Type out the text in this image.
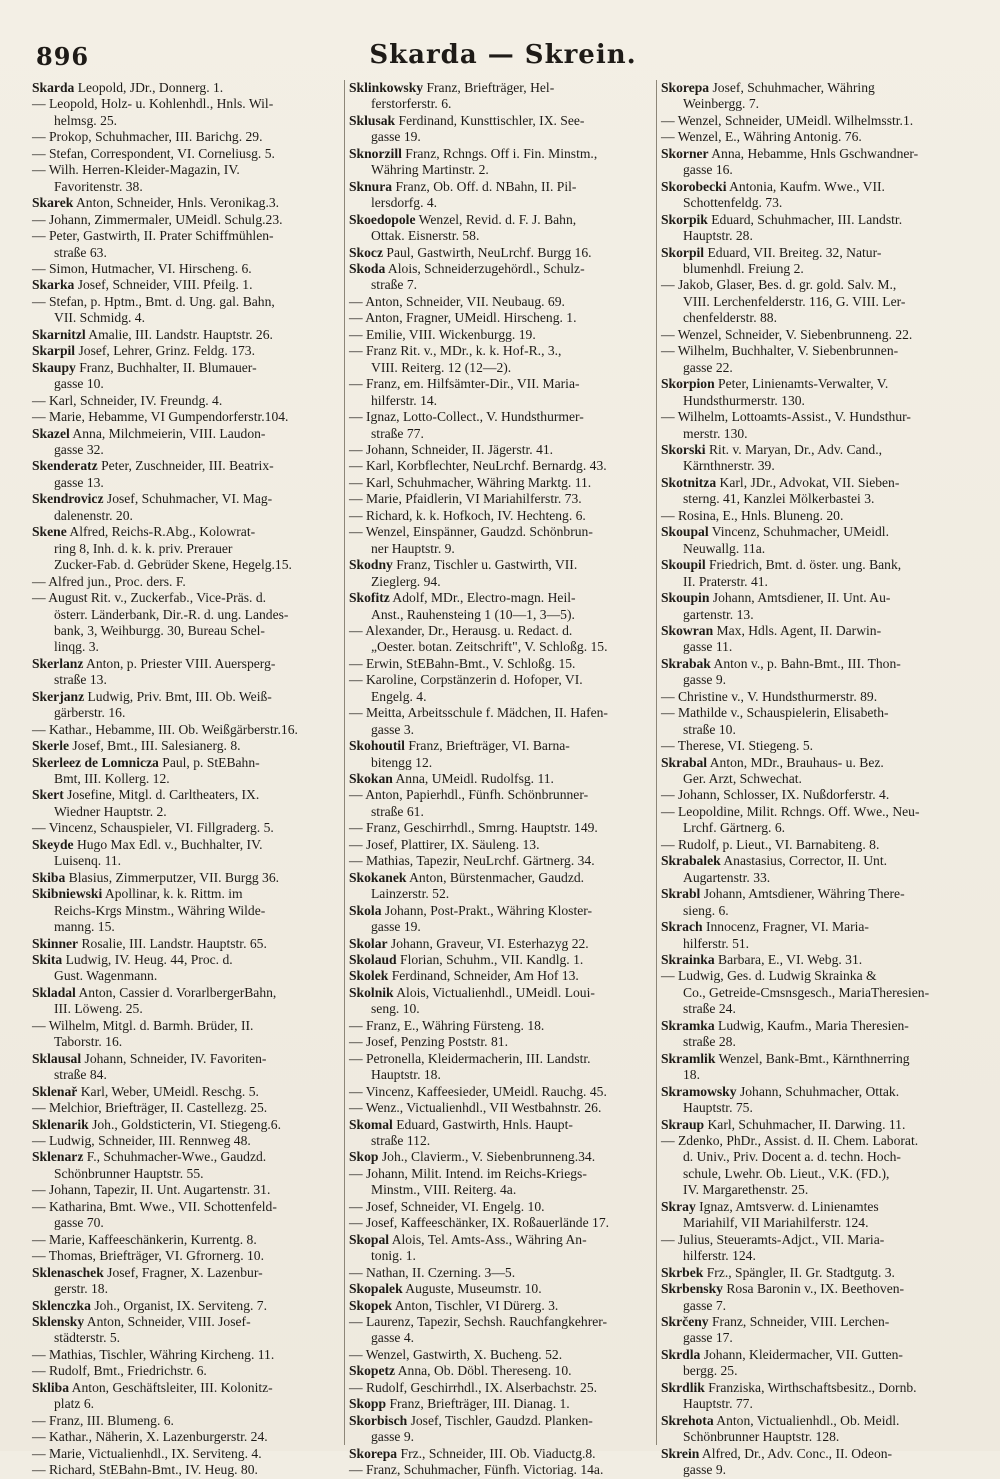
896	Skarda — Skrein.
Skarda Leopold, JDr., Donnerg. 1.
— Leopold, Holz- u. Kohlenhdl., Hnls. Wil-
helmsg. 25.
— Prokop, Schuhmacher, III. Barichg. 29.
— Stefan, Correspondent, VI. Corneliusg. 5.
— Wilh. Herren-Kleider-Magazin, IV.
Favoritenstr. 38.
Skarek Anton, Schneider, Hnls. Veronikag.3.
— Johann, Zimmermaler, UMeidl. Schulg.23.
— Peter, Gastwirth, II. Prater Schiffmühlen-
straße 63.
— Simon, Hutmacher, VI. Hirscheng. 6.
Skarka Josef, Schneider, VIII. Pfeilg. 1.
— Stefan, p. Hptm., Bmt. d. Ung. gal. Bahn,
VII. Schmidg. 4.
Skarnitzl Amalie, III. Landstr. Hauptstr. 26.
Skarpil Josef, Lehrer, Grinz. Feldg. 173.
Skaupy Franz, Buchhalter, II. Blumauer-
gasse 10.
— Karl, Schneider, IV. Freundg. 4.
— Marie, Hebamme, VI Gumpendorferstr.104.
Skazel Anna, Milchmeierin, VIII. Laudon-
gasse 32.
Skenderatz Peter, Zuschneider, III. Beatrix-
gasse 13.
Skendrovicz Josef, Schuhmacher, VI. Mag-
dalenenstr. 20.
Skene Alfred, Reichs-R.Abg., Kolowrat-
ring 8, Inh. d. k. k. priv. Prerauer
Zucker-Fab. d. Gebrüder Skene, Hegelg.15.
— Alfred jun., Proc. ders. F.
— August Rit. v., Zuckerfab., Vice-Präs. d.
österr. Länderbank, Dir.-R. d. ung. Landes-
bank, 3, Weihburgg. 30, Bureau Schel-
linqg. 3.
Skerlanz Anton, p. Priester VIII. Auersperg-
straße 13.
Skerjanz Ludwig, Priv. Bmt, III. Ob. Weiß-
gärberstr. 16.
— Kathar., Hebamme, III. Ob. Weißgärberstr.16.
Skerle Josef, Bmt., III. Salesianerg. 8.
Skerleez de Lomnicza Paul, p. StEBahn-
Bmt, III. Kollerg. 12.
Skert Josefine, Mitgl. d. Carltheaters, IX.
Wiedner Hauptstr. 2.
— Vincenz, Schauspieler, VI. Fillgraderg. 5.
Skeyde Hugo Max Edl. v., Buchhalter, IV.
Luisenq. 11.
Skiba Blasius, Zimmerputzer, VII. Burgg 36.
Skibniewski Apollinar, k. k. Rittm. im
Reichs-Krgs Minstm., Währing Wilde-
manng. 15.
Skinner Rosalie, III. Landstr. Hauptstr. 65.
Skita Ludwig, IV. Heug. 44, Proc. d.
Gust. Wagenmann.
Skladal Anton, Cassier d. VorarlbergerBahn,
III. Löweng. 25.
— Wilhelm, Mitgl. d. Barmh. Brüder, II.
Taborstr. 16.
Sklausal Johann, Schneider, IV. Favoriten-
straße 84.
Sklenař Karl, Weber, UMeidl. Reschg. 5.
— Melchior, Briefträger, II. Castellezg. 25.
Sklenarik Joh., Goldsticterin, VI. Stiegeng.6.
— Ludwig, Schneider, III. Rennweg 48.
Sklenarz F., Schuhmacher-Wwe., Gaudzd.
Schönbrunner Hauptstr. 55.
— Johann, Tapezir, II. Unt. Augartenstr. 31.
— Katharina, Bmt. Wwe., VII. Schottenfeld-
gasse 70.
— Marie, Kaffeeschänkerin, Kurrentg. 8.
— Thomas, Briefträger, VI. Gfrornerg. 10.
Sklenaschek Josef, Fragner, X. Lazenbur-
gerstr. 18.
Sklenczka Joh., Organist, IX. Serviteng. 7.
Sklensky Anton, Schneider, VIII. Josef-
städterstr. 5.
— Mathias, Tischler, Währing Kircheng. 11.
— Rudolf, Bmt., Friedrichstr. 6.
Skliba Anton, Geschäftsleiter, III. Kolonitz-
platz 6.
— Franz, III. Blumeng. 6.
— Kathar., Näherin, X. Lazenburgerstr. 24.
— Marie, Victualienhdl., IX. Serviteng. 4.
— Richard, StEBahn-Bmt., IV. Heug. 80.
Sklinkowsky Franz, Briefträger, Hel-
ferstorferstr. 6.
Sklusak Ferdinand, Kunsttischler, IX. See-
gasse 19.
Sknorzill Franz, Rchngs. Off i. Fin. Minstm.,
Währing Martinstr. 2.
Sknura Franz, Ob. Off. d. NBahn, II. Pil-
lersdorfg. 4.
Skoedopole Wenzel, Revid. d. F. J. Bahn,
Ottak. Eisnerstr. 58.
Skocz Paul, Gastwirth, NeuLrchf. Burgg 16.
Skoda Alois, Schneiderzugehördl., Schulz-
straße 7.
— Anton, Schneider, VII. Neubaug. 69.
— Anton, Fragner, UMeidl. Hirscheng. 1.
— Emilie, VIII. Wickenburgg. 19.
— Franz Rit. v., MDr., k. k. Hof-R., 3.,
VIII. Reiterg. 12 (12—2).
— Franz, em. Hilfsämter-Dir., VII. Maria-
hilferstr. 14.
— Ignaz, Lotto-Collect., V. Hundsthurmer-
straße 77.
— Johann, Schneider, II. Jägerstr. 41.
— Karl, Korbflechter, NeuLrchf. Bernardg. 43.
— Karl, Schuhmacher, Währing Marktg. 11.
— Marie, Pfaidlerin, VI Mariahilferstr. 73.
— Richard, k. k. Hofkoch, IV. Hechteng. 6.
— Wenzel, Einspänner, Gaudzd. Schönbrun-
ner Hauptstr. 9.
Skodny Franz, Tischler u. Gastwirth, VII.
Zieglerg. 94.
Skofitz Adolf, MDr., Electro-magn. Heil-
Anst., Rauhensteing 1 (10—1, 3—5).
— Alexander, Dr., Herausg. u. Redact. d.
„Oester. botan. Zeitschrift", V. Schloßg. 15.
— Erwin, StEBahn-Bmt., V. Schloßg. 15.
— Karoline, Corpstänzerin d. Hofoper, VI.
Engelg. 4.
— Meitta, Arbeitsschule f. Mädchen, II. Hafen-
gasse 3.
Skohoutil Franz, Briefträger, VI. Barna-
bitengg 12.
Skokan Anna, UMeidl. Rudolfsg. 11.
— Anton, Papierhdl., Fünfh. Schönbrunner-
straße 61.
— Franz, Geschirrhdl., Smrng. Hauptstr. 149.
— Josef, Plattirer, IX. Säuleng. 13.
— Mathias, Tapezir, NeuLrchf. Gärtnerg. 34.
Skokanek Anton, Bürstenmacher, Gaudzd.
Lainzerstr. 52.
Skola Johann, Post-Prakt., Währing Kloster-
gasse 19.
Skolar Johann, Graveur, VI. Esterhazyg 22.
Skolaud Florian, Schuhm., VII. Kandlg. 1.
Skolek Ferdinand, Schneider, Am Hof 13.
Skolnik Alois, Victualienhdl., UMeidl. Loui-
seng. 10.
— Franz, E., Währing Fürsteng. 18.
— Josef, Penzing Poststr. 81.
— Petronella, Kleidermacherin, III. Landstr.
Hauptstr. 18.
— Vincenz, Kaffeesieder, UMeidl. Rauchg. 45.
— Wenz., Victualienhdl., VII Westbahnstr. 26.
Skomal Eduard, Gastwirth, Hnls. Haupt-
straße 112.
Skop Joh., Clavierm., V. Siebenbrunneng.34.
— Johann, Milit. Intend. im Reichs-Kriegs-
Minstm., VIII. Reiterg. 4a.
— Josef, Schneider, VI. Engelg. 10.
— Josef, Kaffeeschänker, IX. Roßauerlände 17.
Skopal Alois, Tel. Amts-Ass., Währing An-
tonig. 1.
— Nathan, II. Czerning. 3—5.
Skopalek Auguste, Museumstr. 10.
Skopek Anton, Tischler, VI Dürerg. 3.
— Laurenz, Tapezir, Sechsh. Rauchfangkehrer-
gasse 4.
— Wenzel, Gastwirth, X. Bucheng. 52.
Skopetz Anna, Ob. Döbl. Thereseng. 10.
— Rudolf, Geschirrhdl., IX. Alserbachstr. 25.
Skopp Franz, Briefträger, III. Dianag. 1.
Skorbisch Josef, Tischler, Gaudzd. Planken-
gasse 9.
Skorepa Frz., Schneider, III. Ob. Viaductg.8.
— Franz, Schuhmacher, Fünfh. Victoriag. 14a.
Skorepa Josef, Schuhmacher, Währing
Weinbergg. 7.
— Wenzel, Schneider, UMeidl. Wilhelmsstr.1.
— Wenzel, E., Währing Antonig. 76.
Skorner Anna, Hebamme, Hnls Gschwandner-
gasse 16.
Skorobecki Antonia, Kaufm. Wwe., VII.
Schottenfeldg. 73.
Skorpik Eduard, Schuhmacher, III. Landstr.
Hauptstr. 28.
Skorpil Eduard, VII. Breiteg. 32, Natur-
blumenhdl. Freiung 2.
— Jakob, Glaser, Bes. d. gr. gold. Salv. M.,
VIII. Lerchenfelderstr. 116, G. VIII. Ler-
chenfelderstr. 88.
— Wenzel, Schneider, V. Siebenbrunneng. 22.
— Wilhelm, Buchhalter, V. Siebenbrunnen-
gasse 22.
Skorpion Peter, Linienamts-Verwalter, V.
Hundsthurmerstr. 130.
— Wilhelm, Lottoamts-Assist., V. Hundsthur-
merstr. 130.
Skorski Rit. v. Maryan, Dr., Adv. Cand.,
Kärnthnerstr. 39.
Skotnitza Karl, JDr., Advokat, VII. Sieben-
sterng. 41, Kanzlei Mölkerbastei 3.
— Rosina, E., Hnls. Bluneng. 20.
Skoupal Vincenz, Schuhmacher, UMeidl.
Neuwallg. 11a.
Skoupil Friedrich, Bmt. d. öster. ung. Bank,
II. Praterstr. 41.
Skoupin Johann, Amtsdiener, II. Unt. Au-
gartenstr. 13.
Skowran Max, Hdls. Agent, II. Darwin-
gasse 11.
Skrabak Anton v., p. Bahn-Bmt., III. Thon-
gasse 9.
— Christine v., V. Hundsthurmerstr. 89.
— Mathilde v., Schauspielerin, Elisabeth-
straße 10.
— Therese, VI. Stiegeng. 5.
Skrabal Anton, MDr., Brauhaus- u. Bez.
Ger. Arzt, Schwechat.
— Johann, Schlosser, IX. Nußdorferstr. 4.
— Leopoldine, Milit. Rchngs. Off. Wwe., Neu-
Lrchf. Gärtnerg. 6.
— Rudolf, p. Lieut., VI. Barnabiteng. 8.
Skrabalek Anastasius, Corrector, II. Unt.
Augartenstr. 33.
Skrabl Johann, Amtsdiener, Währing There-
sieng. 6.
Skrach Innocenz, Fragner, VI. Maria-
hilferstr. 51.
Skrainka Barbara, E., VI. Webg. 31.
— Ludwig, Ges. d. Ludwig Skrainka &
Co., Getreide-Cmsnsgesch., MariaTheresien-
straße 24.
Skramka Ludwig, Kaufm., Maria Theresien-
straße 28.
Skramlik Wenzel, Bank-Bmt., Kärnthnerring
18.
Skramowsky Johann, Schuhmacher, Ottak.
Hauptstr. 75.
Skraup Karl, Schuhmacher, II. Darwing. 11.
— Zdenko, PhDr., Assist. d. II. Chem. Laborat.
d. Univ., Priv. Docent a. d. techn. Hoch-
schule, Lwehr. Ob. Lieut., V.K. (FD.),
IV. Margarethenstr. 25.
Skray Ignaz, Amtsverw. d. Linienamtes
Mariahilf, VII Mariahilferstr. 124.
— Julius, Steueramts-Adjct., VII. Maria-
hilferstr. 124.
Skrbek Frz., Spängler, II. Gr. Stadtgutg. 3.
Skrbensky Rosa Baronin v., IX. Beethoven-
gasse 7.
Skrčeny Franz, Schneider, VIII. Lerchen-
gasse 17.
Skrdla Johann, Kleidermacher, VII. Gutten-
bergg. 25.
Skrdlik Franziska, Wirthschaftsbesitz., Dornb.
Hauptstr. 77.
Skrehota Anton, Victualienhdl., Ob. Meidl.
Schönbrunner Hauptstr. 128.
Skrein Alfred, Dr., Adv. Conc., II. Odeon-
gasse 9.
